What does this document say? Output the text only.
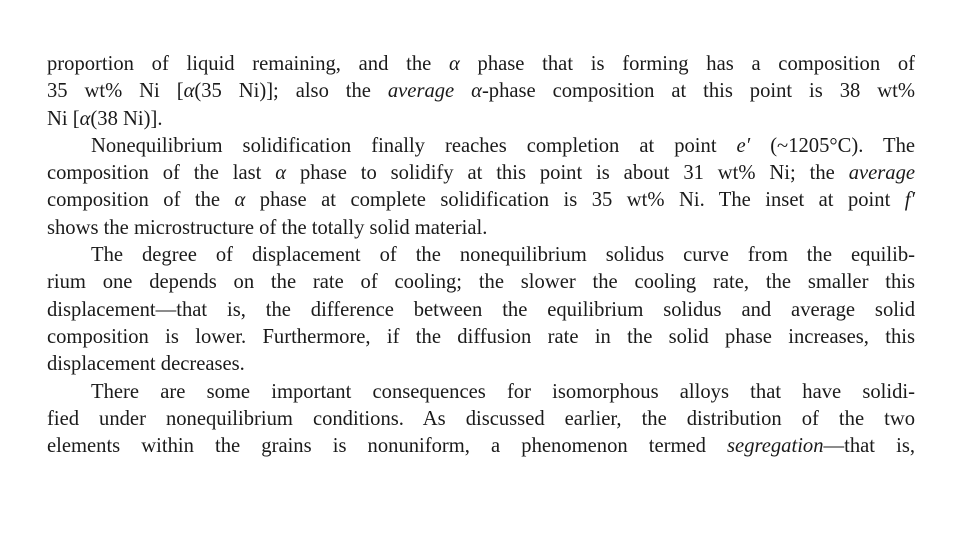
proportion of liquid remaining, and the α phase that is forming has a composition of
35 wt% Ni [α(35 Ni)]; also the average α-phase composition at this point is 38 wt%
Ni [α(38 Ni)].
Nonequilibrium solidification finally reaches completion at point e′ (~1205°C). The
composition of the last α phase to solidify at this point is about 31 wt% Ni; the average
composition of the α phase at complete solidification is 35 wt% Ni. The inset at point f′
shows the microstructure of the totally solid material.
The degree of displacement of the nonequilibrium solidus curve from the equilib-
rium one depends on the rate of cooling; the slower the cooling rate, the smaller this
displacement—that is, the difference between the equilibrium solidus and average solid
composition is lower. Furthermore, if the diffusion rate in the solid phase increases, this
displacement decreases.
There are some important consequences for isomorphous alloys that have solidi-
fied under nonequilibrium conditions. As discussed earlier, the distribution of the two
elements within the grains is nonuniform, a phenomenon termed segregation—that is,
